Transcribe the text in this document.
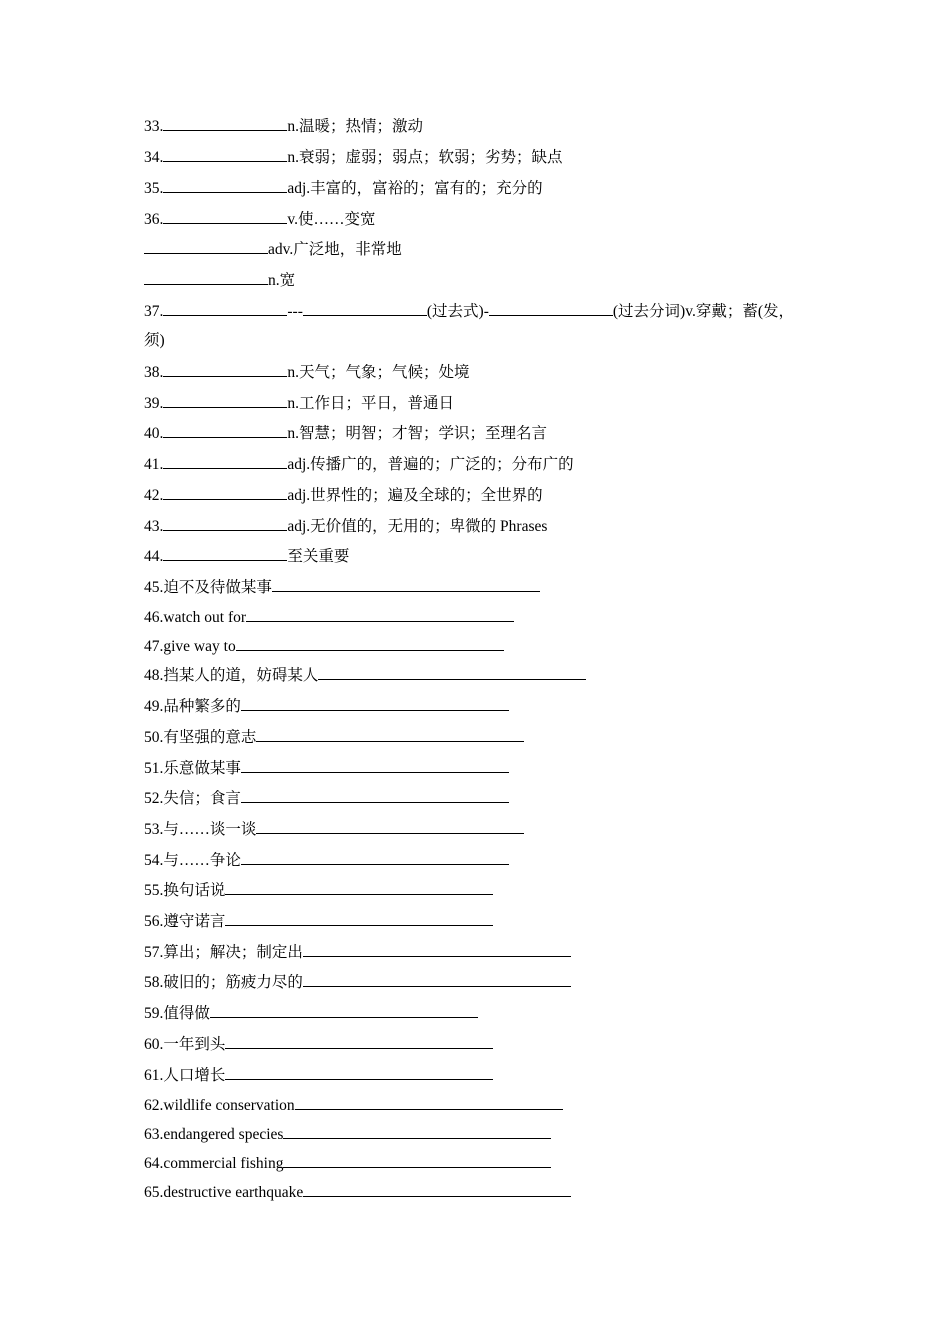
33.	n.温暖；热情；激动
34.	n.衰弱；虚弱；弱点；软弱；劣势；缺点
35.	adj.丰富的，富裕的；富有的；充分的
36.	v.使……变宽
adv.广泛地，非常地
n.宽
37.	---	(过去式)-	(过去分词)v.穿戴；蓄(发，
须)
38.	n.天气；气象；气候；处境
39.	n.工作日；平日，普通日
40.	n.智慧；明智；才智；学识；至理名言
41.	adj.传播广的，普遍的；广泛的；分布广的
42.	adj.世界性的；遍及全球的；全世界的
43.	adj.无价值的，无用的；卑微的 Phrases
44.	至关重要
45.迫不及待做某事
46.watch out for
47.give way to
48.挡某人的道，妨碍某人
49.品种繁多的
50.有坚强的意志
51.乐意做某事
52.失信；食言
53.与……谈一谈
54.与……争论
55.换句话说
56.遵守诺言
57.算出；解决；制定出
58.破旧的；筋疲力尽的
59.值得做
60.一年到头
61.人口增长
62.wildlife conservation
63.endangered species
64.commercial fishing
65.destructive earthquake
